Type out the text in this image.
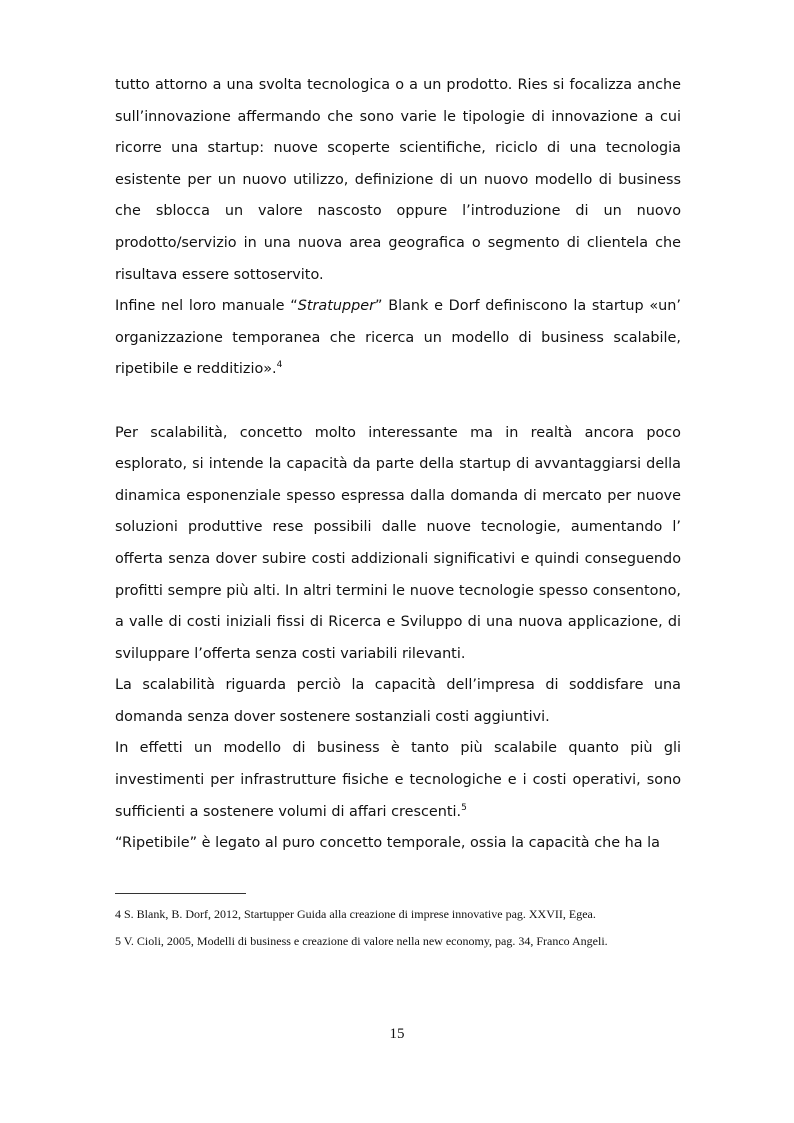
tutto attorno a una svolta tecnologica o a un prodotto. Ries si focalizza anche sull’innovazione affermando che sono varie le tipologie di innovazione a cui ricorre una startup: nuove scoperte scientifiche, riciclo di una tecnologia esistente per un nuovo utilizzo, definizione di un nuovo modello di business che sblocca un valore nascosto oppure l’introduzione di un nuovo prodotto/servizio in una nuova area geografica o segmento di clientela che risultava essere sottoservito.

Infine nel loro manuale “Stratupper” Blank e Dorf definiscono la startup «un’ organizzazione temporanea che ricerca un modello di business scalabile, ripetibile e redditizio».$^4$

Per scalabilità, concetto molto interessante ma in realtà ancora poco esplorato, si intende la capacità da parte della startup di avvantaggiarsi della dinamica esponenziale spesso espressa dalla domanda di mercato per nuove soluzioni produttive rese possibili dalle nuove tecnologie, aumentando l’ offerta senza dover subire costi addizionali significativi e quindi conseguendo profitti sempre più alti. In altri termini le nuove tecnologie spesso consentono, a valle di costi iniziali fissi di Ricerca e Sviluppo di una nuova applicazione, di sviluppare l’offerta senza costi variabili rilevanti.

La scalabilità riguarda perciò la capacità dell’impresa di soddisfare una domanda senza dover sostenere sostanziali costi aggiuntivi.

In effetti un modello di business è tanto più scalabile quanto più gli investimenti per infrastrutture fisiche e tecnologiche e i costi operativi, sono sufficienti a sostenere volumi di affari crescenti.$^5$

“Ripetibile” è legato al puro concetto temporale, ossia la capacità che ha la

4 S. Blank, B. Dorf, 2012, Startupper Guida alla creazione di imprese innovative pag. XXVII, Egea.

5 V. Cioli, 2005, Modelli di business e creazione di valore nella new economy, pag. 34, Franco Angeli.

15
